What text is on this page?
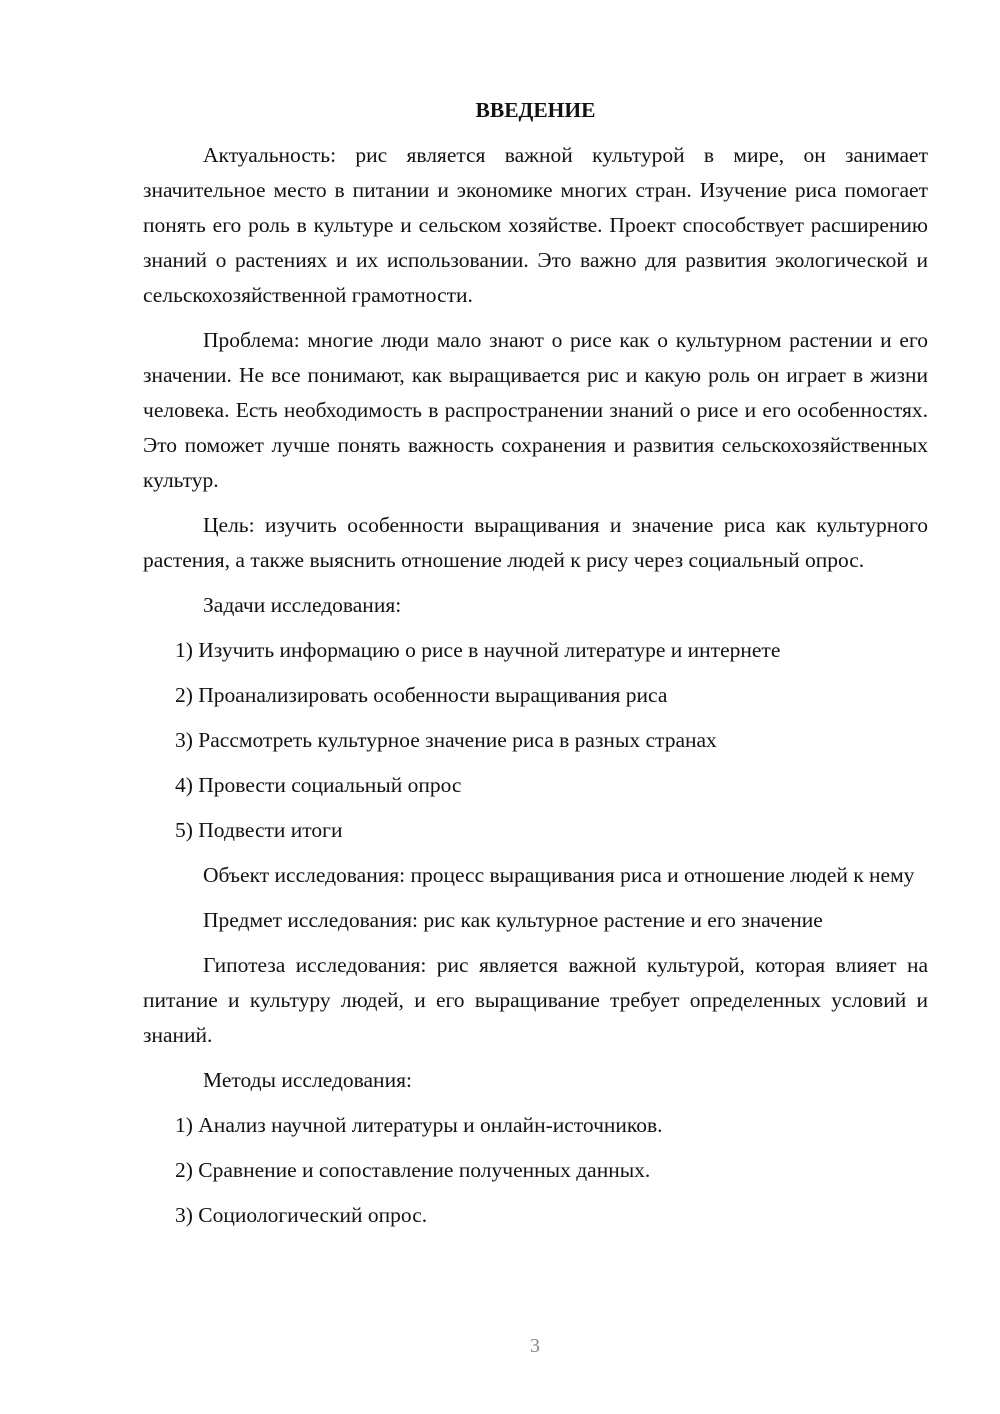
ВВЕДЕНИЕ

Актуальность: рис является важной культурой в мире, он занимает значительное место в питании и экономике многих стран. Изучение риса помогает понять его роль в культуре и сельском хозяйстве. Проект способствует расширению знаний о растениях и их использовании. Это важно для развития экологической и сельскохозяйственной грамотности.

Проблема: многие люди мало знают о рисе как о культурном растении и его значении. Не все понимают, как выращивается рис и какую роль он играет в жизни человека. Есть необходимость в распространении знаний о рисе и его особенностях. Это поможет лучше понять важность сохранения и развития сельскохозяйственных культур.

Цель: изучить особенности выращивания и значение риса как культурного растения, а также выяснить отношение людей к рису через социальный опрос.

Задачи исследования:

1) Изучить информацию о рисе в научной литературе и интернете

2) Проанализировать особенности выращивания риса

3) Рассмотреть культурное значение риса в разных странах

4) Провести социальный опрос

5) Подвести итоги

Объект исследования: процесс выращивания риса и отношение людей к нему

Предмет исследования: рис как культурное растение и его значение

Гипотеза исследования: рис является важной культурой, которая влияет на питание и культуру людей, и его выращивание требует определенных условий и знаний.

Методы исследования:

1) Анализ научной литературы и онлайн-источников.

2) Сравнение и сопоставление полученных данных.

3) Социологический опрос.

3
